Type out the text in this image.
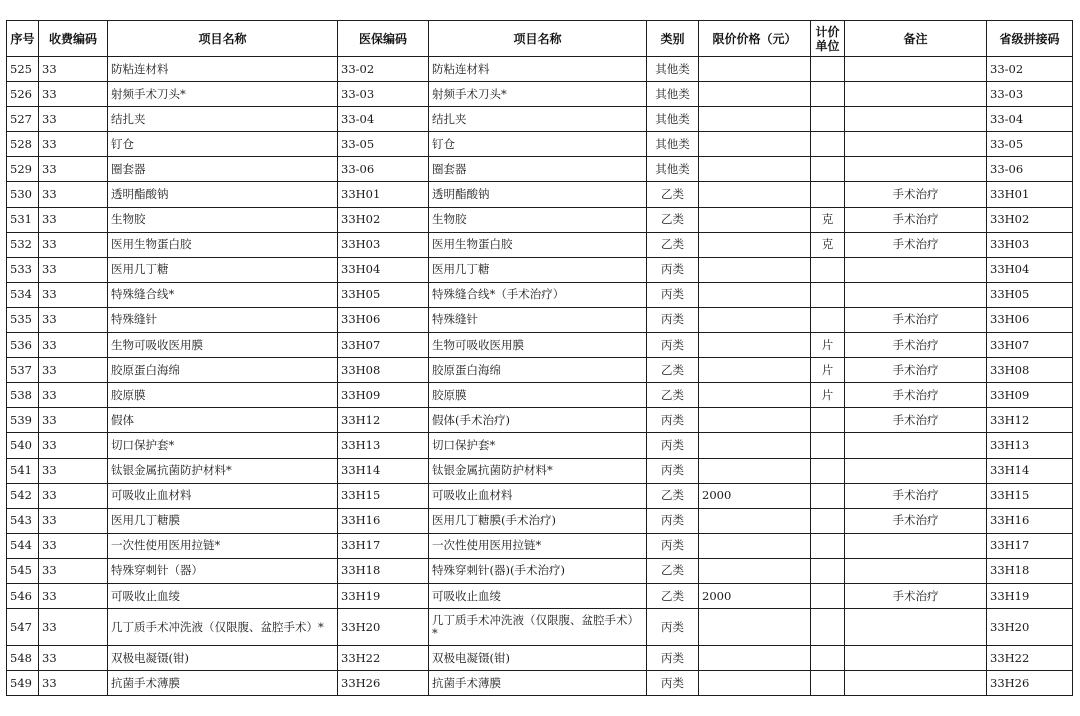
序号	收费编码	项目名称	医保编码	项目名称	类别	限价价格（元）	计价单位	备注	省级拼接码
525	33	防粘连材料	33-02	防粘连材料	其他类				33-02
526	33	射频手术刀头*	33-03	射频手术刀头*	其他类				33-03
527	33	结扎夹	33-04	结扎夹	其他类				33-04
528	33	钉仓	33-05	钉仓	其他类				33-05
529	33	圈套器	33-06	圈套器	其他类				33-06
530	33	透明酯酸钠	33H01	透明酯酸钠	乙类			手术治疗	33H01
531	33	生物胶	33H02	生物胶	乙类		克	手术治疗	33H02
532	33	医用生物蛋白胶	33H03	医用生物蛋白胶	乙类		克	手术治疗	33H03
533	33	医用几丁糖	33H04	医用几丁糖	丙类				33H04
534	33	特殊缝合线*	33H05	特殊缝合线*（手术治疗）	丙类				33H05
535	33	特殊缝针	33H06	特殊缝针	丙类			手术治疗	33H06
536	33	生物可吸收医用膜	33H07	生物可吸收医用膜	丙类		片	手术治疗	33H07
537	33	胶原蛋白海绵	33H08	胶原蛋白海绵	乙类		片	手术治疗	33H08
538	33	胶原膜	33H09	胶原膜	乙类		片	手术治疗	33H09
539	33	假体	33H12	假体(手术治疗)	丙类			手术治疗	33H12
540	33	切口保护套*	33H13	切口保护套*	丙类				33H13
541	33	钛银金属抗菌防护材料*	33H14	钛银金属抗菌防护材料*	丙类				33H14
542	33	可吸收止血材料	33H15	可吸收止血材料	乙类	2000		手术治疗	33H15
543	33	医用几丁糖膜	33H16	医用几丁糖膜(手术治疗)	丙类			手术治疗	33H16
544	33	一次性使用医用拉链*	33H17	一次性使用医用拉链*	丙类				33H17
545	33	特殊穿刺针（器）	33H18	特殊穿刺针(器)(手术治疗)	乙类				33H18
546	33	可吸收止血绫	33H19	可吸收止血绫	乙类	2000		手术治疗	33H19
547	33	几丁质手术冲洗液（仅限腹、盆腔手术）*	33H20	几丁质手术冲洗液（仅限腹、盆腔手术）*	丙类				33H20
548	33	双极电凝镊(钳)	33H22	双极电凝镊(钳)	丙类				33H22
549	33	抗菌手术薄膜	33H26	抗菌手术薄膜	丙类				33H26
